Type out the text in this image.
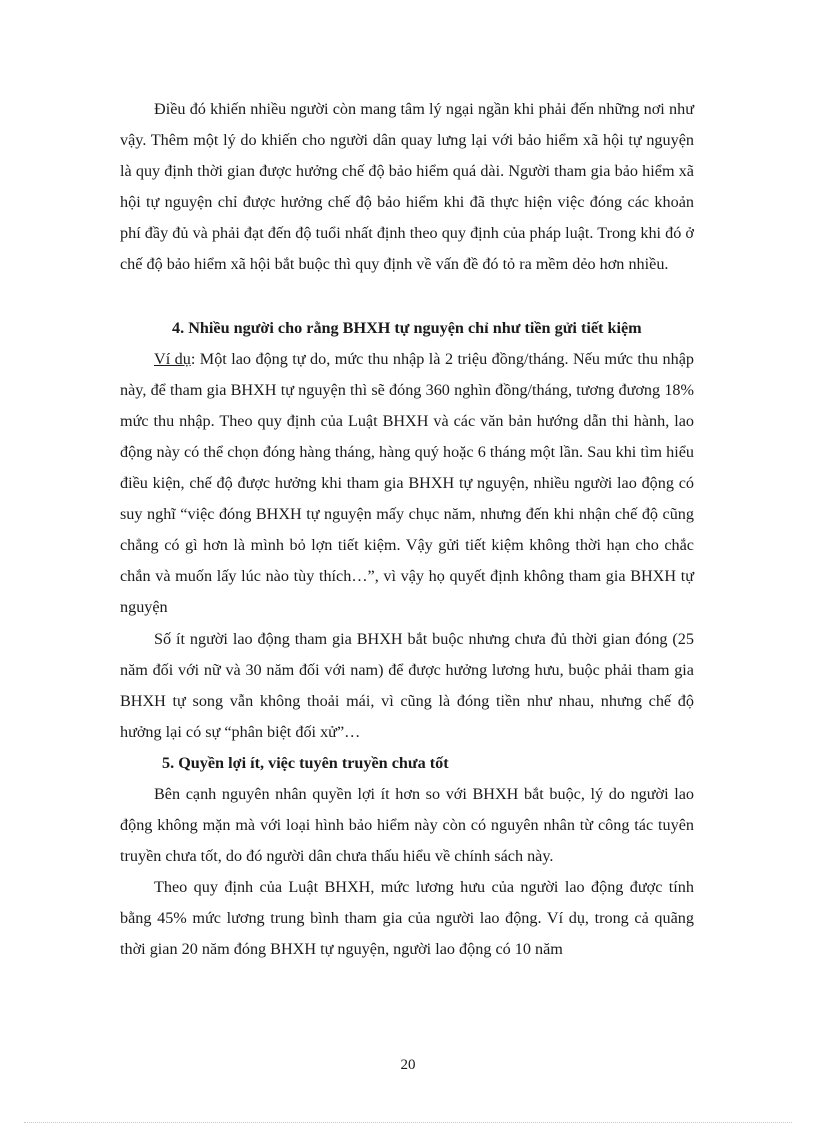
Điều đó khiến nhiều người còn mang tâm lý ngại ngần khi phải đến những nơi như vậy. Thêm một lý do khiến cho người dân quay lưng lại với bảo hiểm xã hội tự nguyện là quy định thời gian được hưởng chế độ bảo hiểm quá dài. Người tham gia bảo hiểm xã hội tự nguyện chỉ được hưởng chế độ bảo hiểm khi đã thực hiện việc đóng các khoản phí đầy đủ và phải đạt đến độ tuổi nhất định theo quy định của pháp luật. Trong khi đó ở chế độ bảo hiểm xã hội bắt buộc thì quy định về vấn đề đó tỏ ra mềm dẻo hơn nhiều.

4. Nhiều người cho rằng BHXH tự nguyện chỉ như tiền gửi tiết kiệm

Ví dụ: Một lao động tự do, mức thu nhập là 2 triệu đồng/tháng. Nếu mức thu nhập này, để tham gia BHXH tự nguyện thì sẽ đóng 360 nghìn đồng/tháng, tương đương 18% mức thu nhập. Theo quy định của Luật BHXH và các văn bản hướng dẫn thi hành, lao động này có thể chọn đóng hàng tháng, hàng quý hoặc 6 tháng một lần. Sau khi tìm hiểu điều kiện, chế độ được hưởng khi tham gia BHXH tự nguyện, nhiều người lao động có suy nghĩ “việc đóng BHXH tự nguyện mấy chục năm, nhưng đến khi nhận chế độ cũng chẳng có gì hơn là mình bỏ lợn tiết kiệm. Vậy gửi tiết kiệm không thời hạn cho chắc chắn và muốn lấy lúc nào tùy thích…”, vì vậy họ quyết định không tham gia BHXH tự nguyện

Số ít người lao động tham gia BHXH bắt buộc nhưng chưa đủ thời gian đóng (25 năm đối với nữ và 30 năm đối với nam) để được hưởng lương hưu, buộc phải tham gia BHXH tự song vẫn không thoải mái, vì cũng là đóng tiền như nhau, nhưng chế độ hưởng lại có sự “phân biệt đối xử”…

5. Quyền lợi ít, việc tuyên truyền chưa tốt

Bên cạnh nguyên nhân quyền lợi ít hơn so với BHXH bắt buộc, lý do người lao động không mặn mà với loại hình bảo hiểm này còn có nguyên nhân từ công tác tuyên truyền chưa tốt, do đó người dân chưa thấu hiểu về chính sách này.

Theo quy định của Luật BHXH, mức lương hưu của người lao động được tính bằng 45% mức lương trung bình tham gia của người lao động. Ví dụ, trong cả quãng thời gian 20 năm đóng BHXH tự nguyện, người lao động có 10 năm

20
